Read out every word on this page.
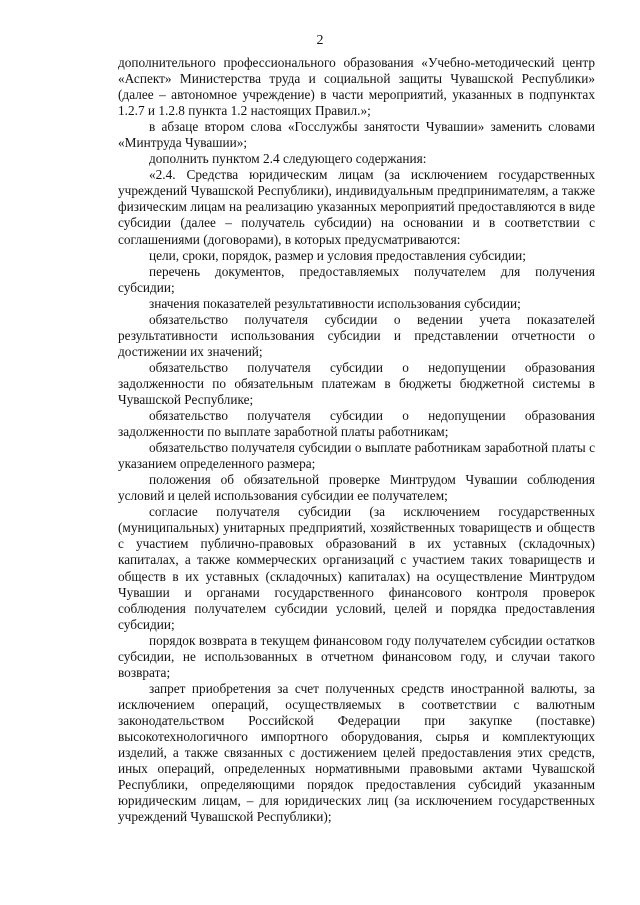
2

дополнительного профессионального образования «Учебно-методический центр «Аспект» Министерства труда и социальной защиты Чувашской Республики» (далее – автономное учреждение) в части мероприятий, указанных в подпунктах 1.2.7 и 1.2.8 пункта 1.2 настоящих Правил.»;

в абзаце втором слова «Госслужбы занятости Чувашии» заменить словами «Минтруда Чувашии»;

дополнить пунктом 2.4 следующего содержания:

«2.4. Средства юридическим лицам (за исключением государственных учреждений Чувашской Республики), индивидуальным предпринимателям, а также физическим лицам на реализацию указанных мероприятий предоставляются в виде субсидии (далее – получатель субсидии) на основании и в соответствии с соглашениями (договорами), в которых предусматриваются:

цели, сроки, порядок, размер и условия предоставления субсидии;

перечень документов, предоставляемых получателем для получения субсидии;

значения показателей результативности использования субсидии;

обязательство получателя субсидии о ведении учета показателей результативности использования субсидии и представлении отчетности о достижении их значений;

обязательство получателя субсидии о недопущении образования задолженности по обязательным платежам в бюджеты бюджетной системы в Чувашской Республике;

обязательство получателя субсидии о недопущении образования задолженности по выплате заработной платы работникам;

обязательство получателя субсидии о выплате работникам заработной платы с указанием определенного размера;

положения об обязательной проверке Минтрудом Чувашии соблюдения условий и целей использования субсидии ее получателем;

согласие получателя субсидии (за исключением государственных (муниципальных) унитарных предприятий, хозяйственных товариществ и обществ с участием публично-правовых образований в их уставных (складочных) капиталах, а также коммерческих организаций с участием таких товариществ и обществ в их уставных (складочных) капиталах) на осуществление Минтрудом Чувашии и органами государственного финансового контроля проверок соблюдения получателем субсидии условий, целей и порядка предоставления субсидии;

порядок возврата в текущем финансовом году получателем субсидии остатков субсидии, не использованных в отчетном финансовом году, и случаи такого возврата;

запрет приобретения за счет полученных средств иностранной валюты, за исключением операций, осуществляемых в соответствии с валютным законодательством Российской Федерации при закупке (поставке) высокотехнологичного импортного оборудования, сырья и комплектующих изделий, а также связанных с достижением целей предоставления этих средств, иных операций, определенных нормативными правовыми актами Чувашской Республики, определяющими порядок предоставления субсидий указанным юридическим лицам, – для юридических лиц (за исключением государственных учреждений Чувашской Республики);
